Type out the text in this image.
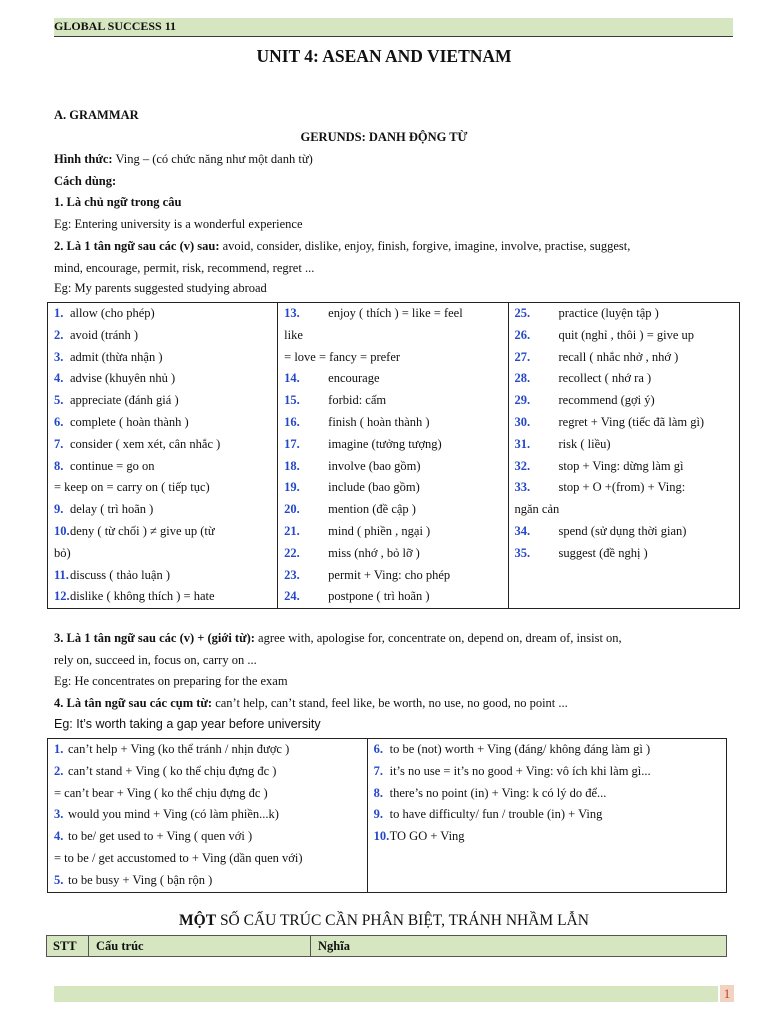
GLOBAL SUCCESS 11
UNIT 4: ASEAN AND VIETNAM
A. GRAMMAR
GERUNDS: DANH ĐỘNG TỪ
Hình thức: Ving – (có chức năng như một danh từ)
Cách dùng:
1. Là chủ ngữ trong câu
Eg: Entering university is a wonderful experience
2. Là 1 tân ngữ sau các (v) sau: avoid, consider, dislike, enjoy, finish, forgive, imagine, involve, practise, suggest,
mind, encourage, permit, risk, recommend, regret ...
Eg: My parents suggested studying abroad
1. allow (cho phép)
2. avoid (tránh )
3. admit (thừa nhận )
4. advise (khuyên nhủ )
5. appreciate (đánh giá )
6. complete ( hoàn thành )
7. consider ( xem xét, cân nhắc )
8. continue = go on
= keep on = carry on ( tiếp tục)
9. delay ( trì hoãn )
10.deny ( từ chối ) ≠ give up (từ
bỏ)
11.discuss ( thảo luận )
12.dislike ( không thích ) = hate

13. enjoy ( thích ) = like = feel
like
= love = fancy = prefer
14. encourage
15. forbid: cấm
16. finish ( hoàn thành )
17. imagine (tưởng tượng)
18. involve (bao gồm)
19. include (bao gồm)
20. mention (đề cập )
21. mind ( phiền , ngại )
22. miss (nhớ , bỏ lỡ )
23. permit + Ving: cho phép
24. postpone ( trì hoãn )

25. practice (luyện tập )
26. quit (nghỉ , thôi ) = give up
27. recall ( nhắc nhở , nhớ )
28. recollect ( nhớ ra )
29. recommend (gợi ý)
30. regret + Ving (tiếc đã làm gì)
31. risk ( liều)
32. stop + Ving: dừng làm gì
33. stop + O +(from) + Ving:
ngăn cản
34. spend (sử dụng thời gian)
35. suggest (đề nghị )
3. Là 1 tân ngữ sau các (v) + (giới từ): agree with, apologise for, concentrate on, depend on, dream of, insist on,
rely on, succeed in, focus on, carry on ...
Eg: He concentrates on preparing for the exam
4. Là tân ngữ sau các cụm từ: can’t help, can’t stand, feel like, be worth, no use, no good, no point ...
Eg: It’s worth taking a gap year before university
1. can’t help + Ving (ko thể tránh / nhịn được )
2. can’t stand + Ving ( ko thể chịu đựng đc )
= can’t bear + Ving ( ko thể chịu đựng đc )
3. would you mind + Ving (có làm phiền...k)
4. to be/ get used to + Ving ( quen với )
= to be / get accustomed to + Ving (dần quen với)
5. to be busy + Ving ( bận rộn )

6. to be (not) worth + Ving (đáng/ không đáng làm gì )
7. it’s no use = it’s no good + Ving: vô ích khi làm gì...
8. there’s no point (in) + Ving: k có lý do để...
9. to have difficulty/ fun / trouble (in) + Ving
10.TO GO + Ving
MỘT SỐ CẤU TRÚC CẦN PHÂN BIỆT, TRÁNH NHẦM LẪN
STT Cấu trúc	Nghĩa
1
